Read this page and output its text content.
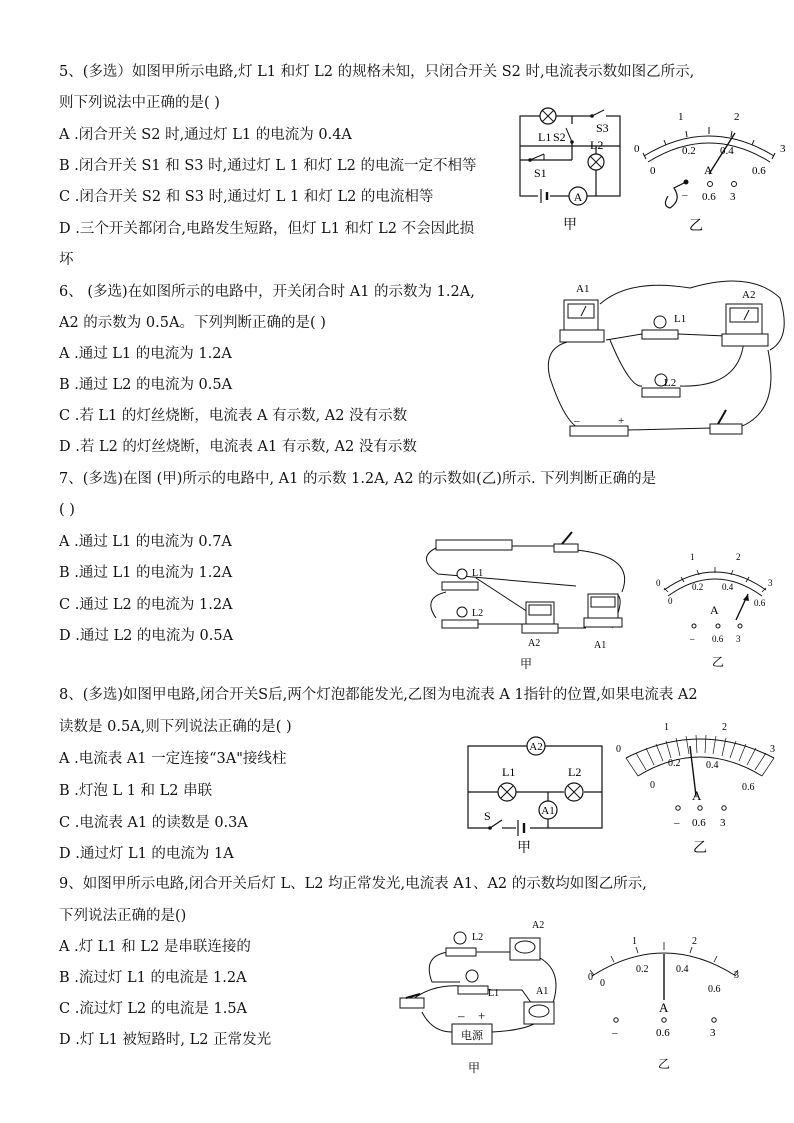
5、(多选）如图甲所示电路,灯 L1 和灯 L2 的规格未知，只闭合开关 S2 时,电流表示数如图乙所示,
则下列说法中正确的是( )
A .闭合开关 S2 时,通过灯 L1 的电流为 0.4A
B .闭合开关 S1 和 S3 时,通过灯 L 1 和灯 L2 的电流一定不相等
C .闭合开关 S2 和 S3 时,通过灯 L 1 和灯 L2 的电流相等
D .三个开关都闭合,电路发生短路，但灯 L1 和灯 L2 不会因此损
坏
A
L1 S2
S3
L2
S1
甲
0
1	2
3
0
0.2 0.4
0.6
A
– 0.6 3
乙
6、 (多选)在如图所示的电路中，开关闭合时 A1 的示数为 1.2A,
A2 的示数为 0.5A。下列判断正确的是( )
A .通过 L1 的电流为 1.2A
B .通过 L2 的电流为 0.5A
C .若 L1 的灯丝烧断，电流表 A 有示数, A2 没有示数
D .若 L2 的灯丝烧断，电流表 A1 有示数, A2 没有示数
A1	A2
L1
L2
–	+
7、(多选)在图 (甲)所示的电路中, A1 的示数 1.2A, A2 的示数如(乙)所示. 下列判断正确的是
( )
A .通过 L1 的电流为 0.7A
B .通过 L1 的电流为 1.2A
C .通过 L2 的电流为 1.2A
D .通过 L2 的电流为 0.5A
L1
L2
A2	A1
甲
0
1	2
3
0
0.2 0.4
0.6
A
– 0.6 3
乙
8、(多选)如图甲电路,闭合开关S后,两个灯泡都能发光,乙图为电流表 A 1指针的位置,如果电流表 A2
读数是 0.5A,则下列说法正确的是( )
A .电流表 A1 一定连接“3A"接线柱
B .灯泡 L 1 和 L2 串联
C .电流表 A1 的读数是 0.3A
D .通过灯 L1 的电流为 1A
A2
L1	L2
A1
S
甲
0
1	2
3
0
0.2	0.4
0.6
A
– 0.6 3
乙
9、如图甲所示电路,闭合开关后灯 L、L2 均正常发光,电流表 A1、A2 的示数均如图乙所示,
下列说法正确的是()
A .灯 L1 和 L2 是串联连接的
B .流过灯 L1 的电流是 1.2A
C .流过灯 L2 的电流是 1.5A
D .灯 L1 被短路时, L2 正常发光
L2
L1
A2
A1
电源
– +
甲
0
1	2
3
0
0.2	0.4
0.6
A
–	0.6	3
乙
